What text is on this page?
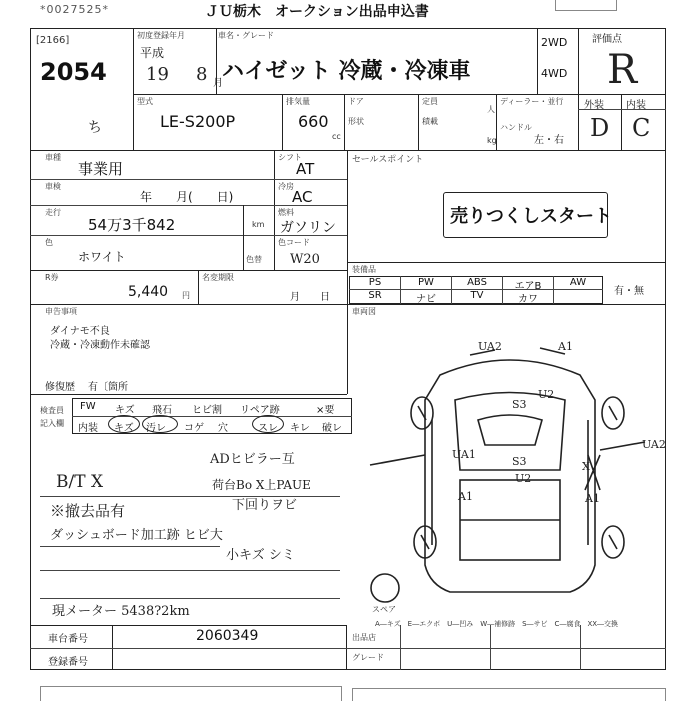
*0027525*	ＪＵ栃木　オークション出品申込書
[2166]
2054
ち
初度登録年月	車名・グレード
平成
19 8 月 ハイゼット 冷蔵・冷凍車
2WD
4WD
評価点
R
外装 内装
D C
型式
LE-S200P
排気量
660
cc
ドア
形状
定員
人
積載
kg
ディーラー・並行
ハンドル
左・右
車種
事業用
シフト
AT
車検
年　　月(　　日)
冷房
AC
走行
54万3千842	km
燃料
ガソリン
色
ホワイト	色替
色コード
W20
R券
5,440 円
名変期限
月　　日
申告事項
ダイナモ不良
冷蔵・冷凍動作未確認
修復歴 有〔箇所
検査員
記入欄
FW キズ 飛石 ヒビ割 リペア跡	×要
内装 キズ 汚レ コゲ 穴	スレ キレ 破レ
B/T X
※撤去品有
ダッシュボード加工跡 ヒビ大
ADヒビラー互
荷台Bo X上PAUE
下回りヲビ
小キズ シミ
現メーター 5438?2km
セールスポイント
売りつくしスタート
装備品
PS	PW	ABS	エアB	AW
SR	ナビ	TV	カワ
有・無
車両図
UA2	A1
S3
U2
UA1
UA2
X
A1	A1
U2
S3
スペア
A―キズ　E―エクボ　U―凹み　W―補修跡　S―サビ　C―腐食　XX―交換
車台番号	2060349
登録番号
出品店
グレード
